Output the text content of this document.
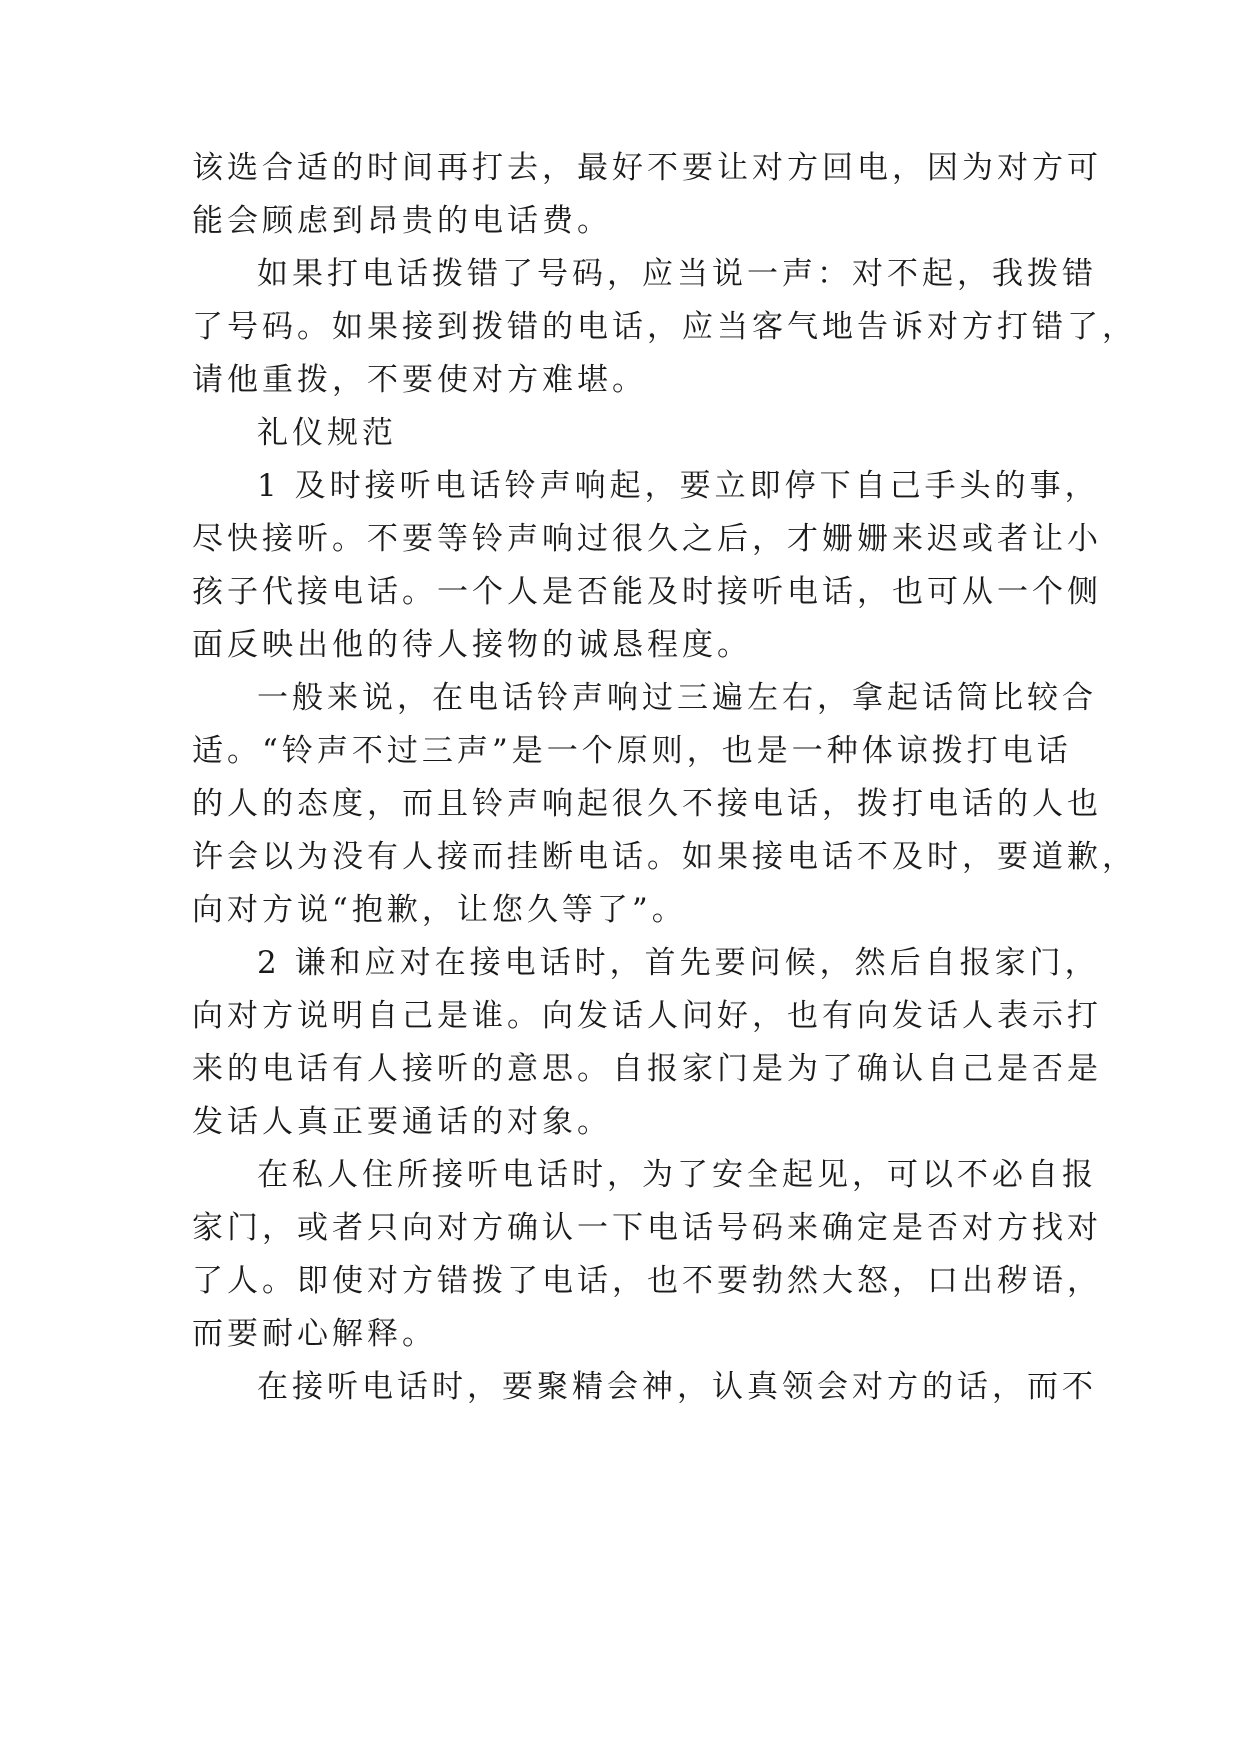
该选合适的时间再打去，最好不要让对方回电，因为对方可
能会顾虑到昂贵的电话费。
如果打电话拨错了号码，应当说一声：对不起，我拨错
了号码。如果接到拨错的电话，应当客气地告诉对方打错了，
请他重拨，不要使对方难堪。
礼仪规范
1 及时接听电话铃声响起，要立即停下自己手头的事，
尽快接听。不要等铃声响过很久之后，才姗姗来迟或者让小
孩子代接电话。一个人是否能及时接听电话，也可从一个侧
面反映出他的待人接物的诚恳程度。
一般来说，在电话铃声响过三遍左右，拿起话筒比较合
适。“铃声不过三声”是一个原则，也是一种体谅拨打电话
的人的态度，而且铃声响起很久不接电话，拨打电话的人也
许会以为没有人接而挂断电话。如果接电话不及时，要道歉，
向对方说“抱歉，让您久等了”。
2 谦和应对在接电话时，首先要问候，然后自报家门，
向对方说明自己是谁。向发话人问好，也有向发话人表示打
来的电话有人接听的意思。自报家门是为了确认自己是否是
发话人真正要通话的对象。
在私人住所接听电话时，为了安全起见，可以不必自报
家门，或者只向对方确认一下电话号码来确定是否对方找对
了人。即使对方错拨了电话，也不要勃然大怒，口出秽语，
而要耐心解释。
在接听电话时，要聚精会神，认真领会对方的话，而不
